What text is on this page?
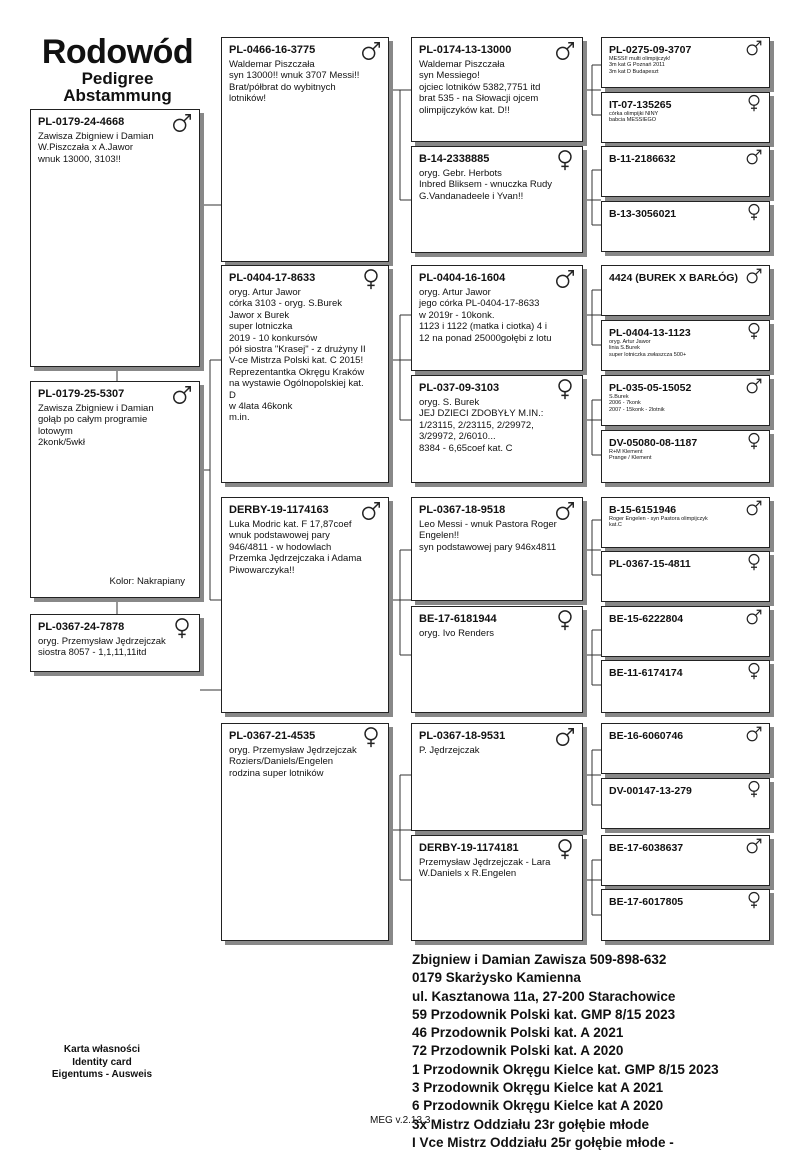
Rodowód
Pedigree
Abstammung
PL-0179-24-4668
Zawisza Zbigniew i Damian
W.Piszczała x A.Jawor
wnuk 13000, 3103!!
Kolor: Nakrapiany
PL-0179-25-5307
Zawisza Zbigniew i Damian
gołąb po całym programie
lotowym
2konk/5wkł
PL-0367-24-7878
oryg. Przemysław Jędrzejczak
siostra 8057 - 1,1,11,11itd
PL-0466-16-3775
Waldemar Piszczała
syn 13000!! wnuk 3707 Messi!!
Brat/półbrat do wybitnych
lotników!
PL-0404-17-8633
oryg. Artur Jawor
córka 3103 - oryg. S.Burek
Jawor x Burek
super lotniczka
2019 - 10 konkursów
pół siostra "Krasej" - z drużyny II
V-ce Mistrza Polski kat. C 2015!
Reprezentantka Okręgu Kraków
na wystawie Ogólnopolskiej kat.
D
w 4lata 46konk
m.in.
DERBY-19-1174163
Luka Modric kat. F 17,87coef
wnuk podstawowej pary
946/4811 - w hodowlach
Przemka Jędrzejczaka i Adama
Piwowarczyka!!
PL-0367-21-4535
oryg. Przemysław Jędrzejczak
Roziers/Daniels/Engelen
rodzina super lotników
PL-0174-13-13000
Waldemar Piszczała
syn Messiego!
ojciec lotników 5382,7751 itd
brat 535 - na Słowacji ojcem
olimpijczyków kat. D!!
B-14-2338885
oryg. Gebr. Herbots
Inbred Bliksem - wnuczka Rudy
G.Vandanadeele i Yvan!!
PL-0404-16-1604
oryg. Artur Jawor
jego córka PL-0404-17-8633
w 2019r - 10konk.
1123 i 1122 (matka i ciotka) 4 i
12 na ponad 25000gołębi z lotu
PL-037-09-3103
oryg. S. Burek
JEJ DZIECI ZDOBYŁY M.IN.:
1/23115, 2/23115, 2/29972,
3/29972, 2/6010...
8384 - 6,65coef kat. C
PL-0367-18-9518
Leo Messi - wnuk Pastora Roger
Engelen!!
syn podstawowej pary 946x4811
BE-17-6181944
oryg. Ivo Renders
PL-0367-18-9531
P. Jędrzejczak
DERBY-19-1174181
Przemysław Jędrzejczak - Lara
W.Daniels x R.Engelen
PL-0275-09-3707
MESSI! multi olimpijczyk!
3m kat G Poznań 2011
3m kat D Budapeszt
IT-07-135265
córka olimpijki NINY
babcia MESSIEGO
B-11-2186632
B-13-3056021
4424 (BUREK X BARŁÓG)
PL-0404-13-1123
oryg. Artur Jawor
linia S.Burek
super lotniczka zwłaszcza 500+
PL-035-05-15052
S.Burek
2006 - 7konk
2007 - 15konk - 2lotnik
DV-05080-08-1187
R+M Klement
Prange / Klement
B-15-6151946
Roger Engelen - syn Pastora olimpijczyk
kat.C
PL-0367-15-4811
BE-15-6222804
BE-11-6174174
BE-16-6060746
DV-00147-13-279
BE-17-6038637
BE-17-6017805
Zbigniew i Damian Zawisza 509-898-632
0179 Skarżysko Kamienna
ul. Kasztanowa 11a, 27-200 Starachowice
59 Przodownik Polski kat. GMP 8/15 2023
46 Przodownik Polski kat. A 2021
72 Przodownik Polski kat. A 2020
1 Przodownik Okręgu Kielce kat. GMP 8/15 2023
3 Przodownik Okręgu Kielce kat A 2021
6 Przodownik Okręgu Kielce kat A 2020
3x Mistrz Oddziału 23r gołębie młode
I Vce Mistrz Oddziału 25r gołębie młode -
Karta własności
Identity card
Eigentums - Ausweis
MEG v.2.13.3
